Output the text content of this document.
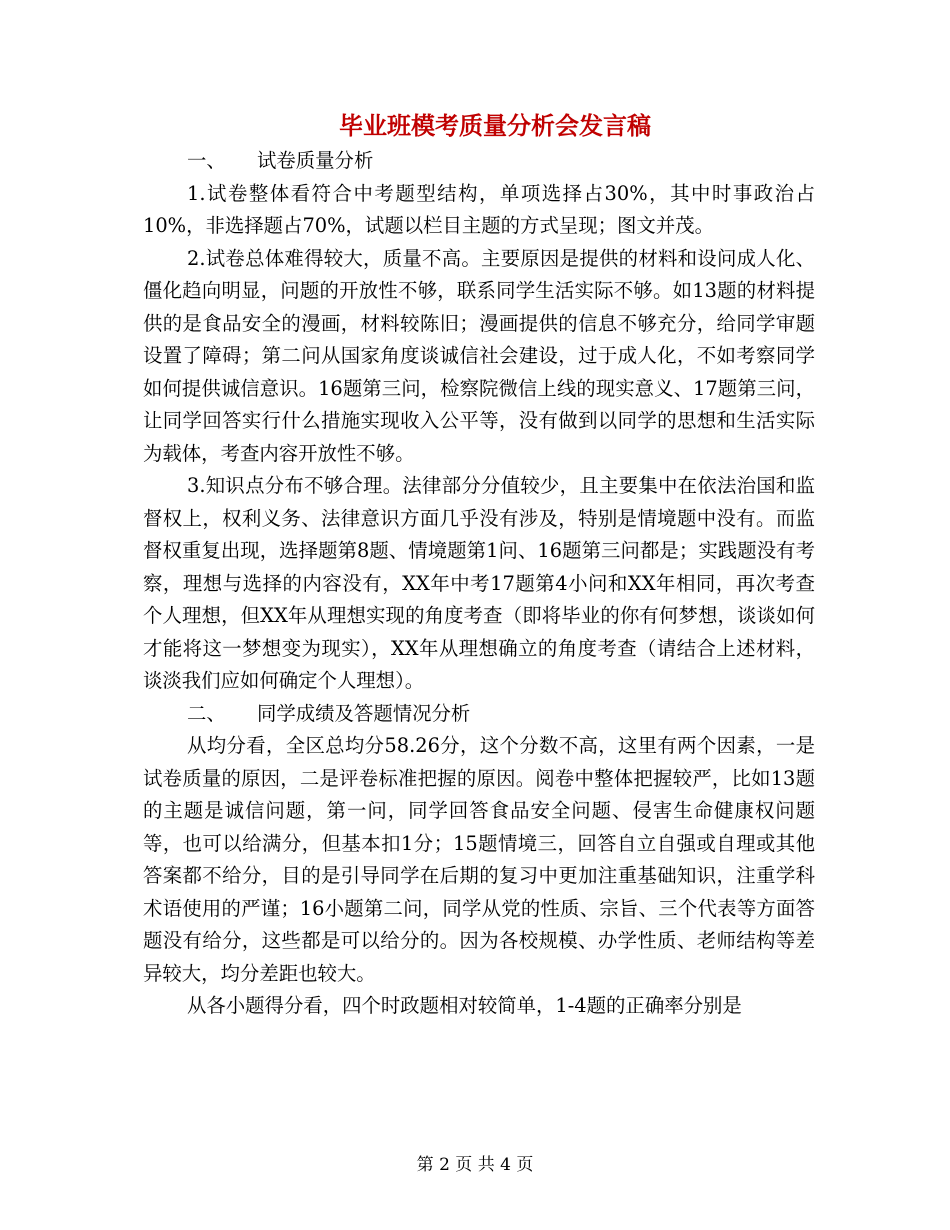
毕业班模考质量分析会发言稿

一、 试卷质量分析

1.试卷整体看符合中考题型结构，单项选择占30%，其中时事政治占10%，非选择题占70%，试题以栏目主题的方式呈现；图文并茂。

2.试卷总体难得较大，质量不高。主要原因是提供的材料和设问成人化、僵化趋向明显，问题的开放性不够，联系同学生活实际不够。如13题的材料提供的是食品安全的漫画，材料较陈旧；漫画提供的信息不够充分，给同学审题设置了障碍；第二问从国家角度谈诚信社会建设，过于成人化，不如考察同学如何提供诚信意识。16题第三问，检察院微信上线的现实意义、17题第三问，让同学回答实行什么措施实现收入公平等，没有做到以同学的思想和生活实际为载体，考查内容开放性不够。

3.知识点分布不够合理。法律部分分值较少，且主要集中在依法治国和监督权上，权利义务、法律意识方面几乎没有涉及，特别是情境题中没有。而监督权重复出现，选择题第8题、情境题第1问、16题第三问都是；实践题没有考察，理想与选择的内容没有，XX年中考17题第4小问和XX年相同，再次考查个人理想，但XX年从理想实现的角度考查（即将毕业的你有何梦想，谈谈如何才能将这一梦想变为现实），XX年从理想确立的角度考查（请结合上述材料，谈淡我们应如何确定个人理想）。

二、 同学成绩及答题情况分析

从均分看，全区总均分58.26分，这个分数不高，这里有两个因素，一是试卷质量的原因，二是评卷标准把握的原因。阅卷中整体把握较严，比如13题的主题是诚信问题，第一问，同学回答食品安全问题、侵害生命健康权问题等，也可以给满分，但基本扣1分；15题情境三，回答自立自强或自理或其他答案都不给分，目的是引导同学在后期的复习中更加注重基础知识，注重学科术语使用的严谨；16小题第二问，同学从党的性质、宗旨、三个代表等方面答题没有给分，这些都是可以给分的。因为各校规模、办学性质、老师结构等差异较大，均分差距也较大。

从各小题得分看，四个时政题相对较简单，1-4题的正确率分别是

第 2 页 共 4 页
